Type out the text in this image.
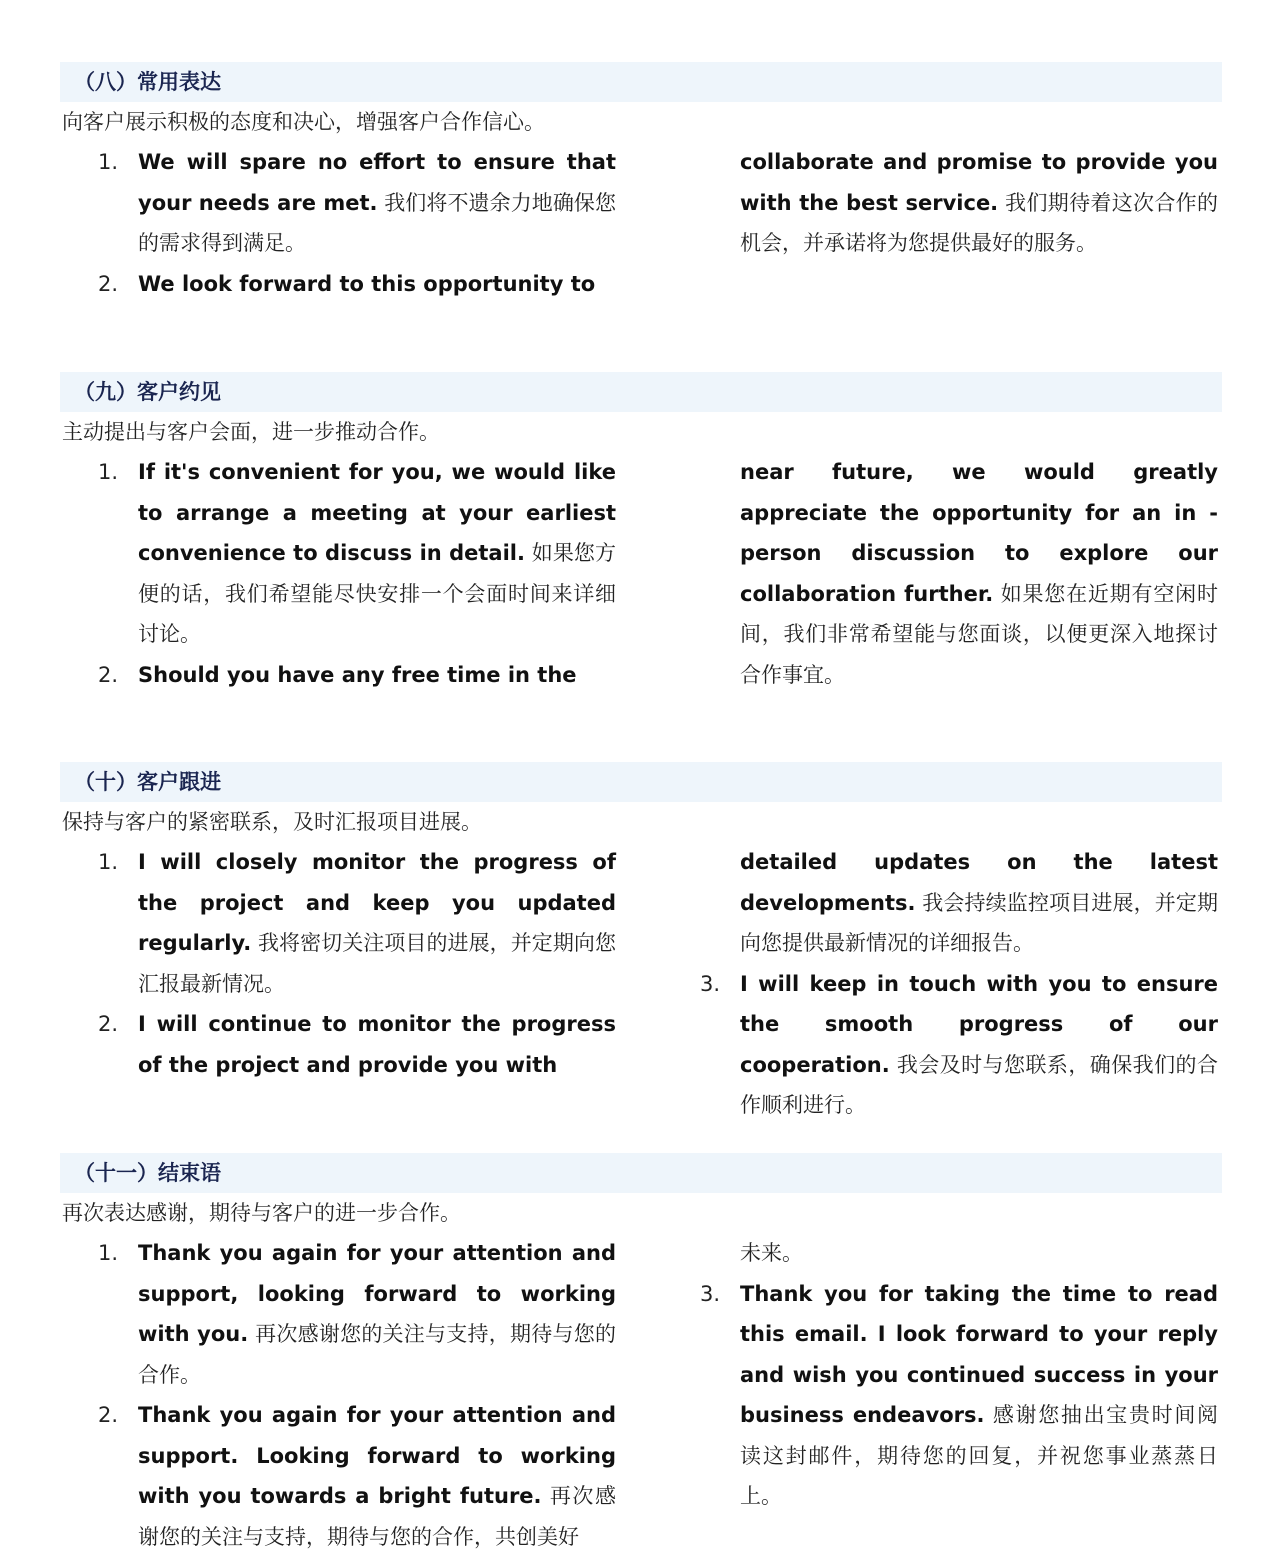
（八）常用表达
向客户展示积极的态度和决心，增强客户合作信心。

1. We will spare no effort to ensure that your needs are met. 我们将不遗余力地确保您的需求得到满足。

2. We look forward to this opportunity to

collaborate and promise to provide you with the best service. 我们期待着这次合作的机会，并承诺将为您提供最好的服务。

（九）客户约见
主动提出与客户会面，进一步推动合作。

1. If it's convenient for you, we would like to arrange a meeting at your earliest convenience to discuss in detail. 如果您方便的话，我们希望能尽快安排一个会面时间来详细讨论。

2. Should you have any free time in the

near future, we would greatly appreciate the opportunity for an in - person discussion to explore our collaboration further. 如果您在近期有空闲时间，我们非常希望能与您面谈，以便更深入地探讨合作事宜。

（十）客户跟进
保持与客户的紧密联系，及时汇报项目进展。

1. I will closely monitor the progress of the project and keep you updated regularly. 我将密切关注项目的进展，并定期向您汇报最新情况。

2. I will continue to monitor the progress of the project and provide you with

detailed updates on the latest developments. 我会持续监控项目进展，并定期向您提供最新情况的详细报告。

3. I will keep in touch with you to ensure the smooth progress of our cooperation. 我会及时与您联系，确保我们的合作顺利进行。

（十一）结束语
再次表达感谢，期待与客户的进一步合作。

1. Thank you again for your attention and support, looking forward to working with you. 再次感谢您的关注与支持，期待与您的合作。

2. Thank you again for your attention and support. Looking forward to working with you towards a bright future. 再次感谢您的关注与支持，期待与您的合作，共创美好

未来。

3. Thank you for taking the time to read this email. I look forward to your reply and wish you continued success in your business endeavors. 感谢您抽出宝贵时间阅读这封邮件，期待您的回复，并祝您事业蒸蒸日上。
